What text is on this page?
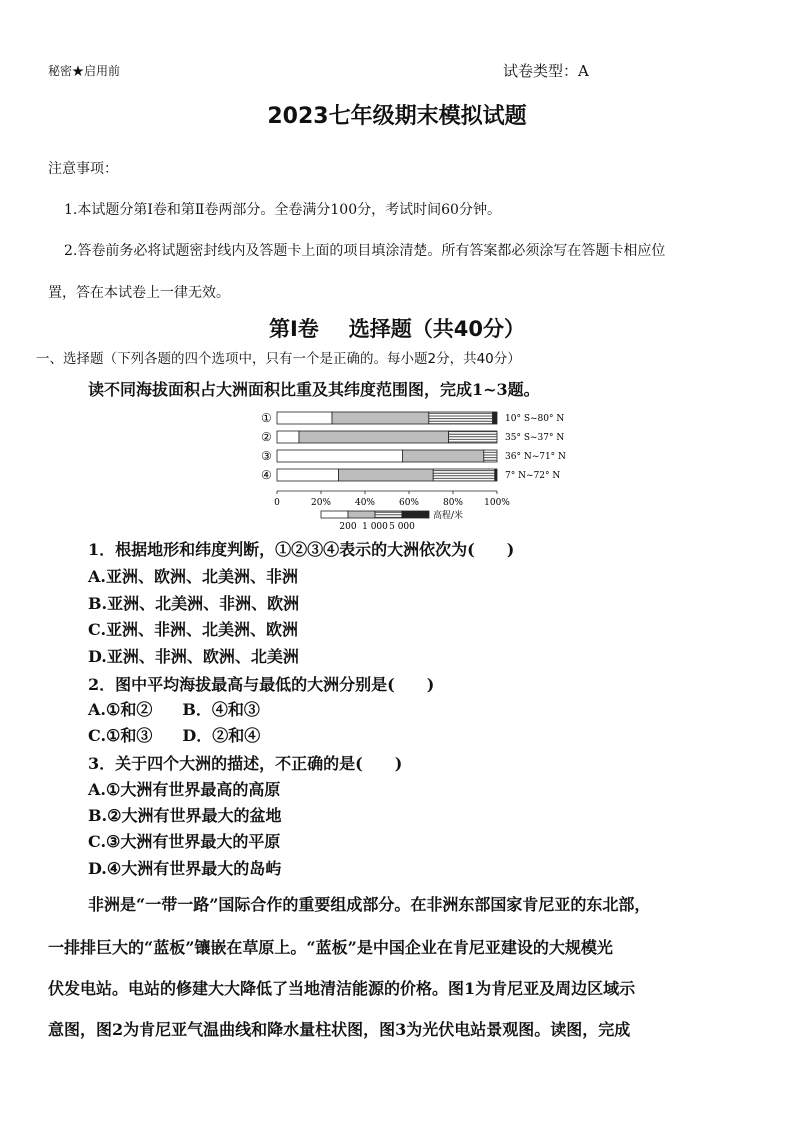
秘密★启用前	试卷类型：A
2023七年级期末模拟试题
注意事项：
1.本试题分第Ⅰ卷和第Ⅱ卷两部分。全卷满分100分，考试时间60分钟。
2.答卷前务必将试题密封线内及答题卡上面的项目填涂清楚。所有答案都必须涂写在答题卡相应位
置，答在本试卷上一律无效。
第Ⅰ卷 选择题（共40分）
一、选择题（下列各题的四个选项中，只有一个是正确的。每小题2分，共40分）
读不同海拔面积占大洲面积比重及其纬度范围图，完成1~3题。
①	10° S~80° N
②	35° S~37° N
③	36° N~71° N
④	7° N~72° N
0	20%	40%	60%	80% 100%
高程/米
200 1 000 5 000
1．根据地形和纬度判断，①②③④表示的大洲依次为(　　)
A.亚洲、欧洲、北美洲、非洲
B.亚洲、北美洲、非洲、欧洲
C.亚洲、非洲、北美洲、欧洲
D.亚洲、非洲、欧洲、北美洲
2．图中平均海拔最高与最低的大洲分别是(　　)
A.①和② B．④和③
C.①和③ D．②和④
3．关于四个大洲的描述，不正确的是(　　)
A.①大洲有世界最高的高原
B.②大洲有世界最大的盆地
C.③大洲有世界最大的平原
D.④大洲有世界最大的岛屿
非洲是“一带一路”国际合作的重要组成部分。在非洲东部国家肯尼亚的东北部，
一排排巨大的“蓝板”镶嵌在草原上。“蓝板”是中国企业在肯尼亚建设的大规模光
伏发电站。电站的修建大大降低了当地清洁能源的价格。图1为肯尼亚及周边区域示
意图，图2为肯尼亚气温曲线和降水量柱状图，图3为光伏电站景观图。读图，完成
